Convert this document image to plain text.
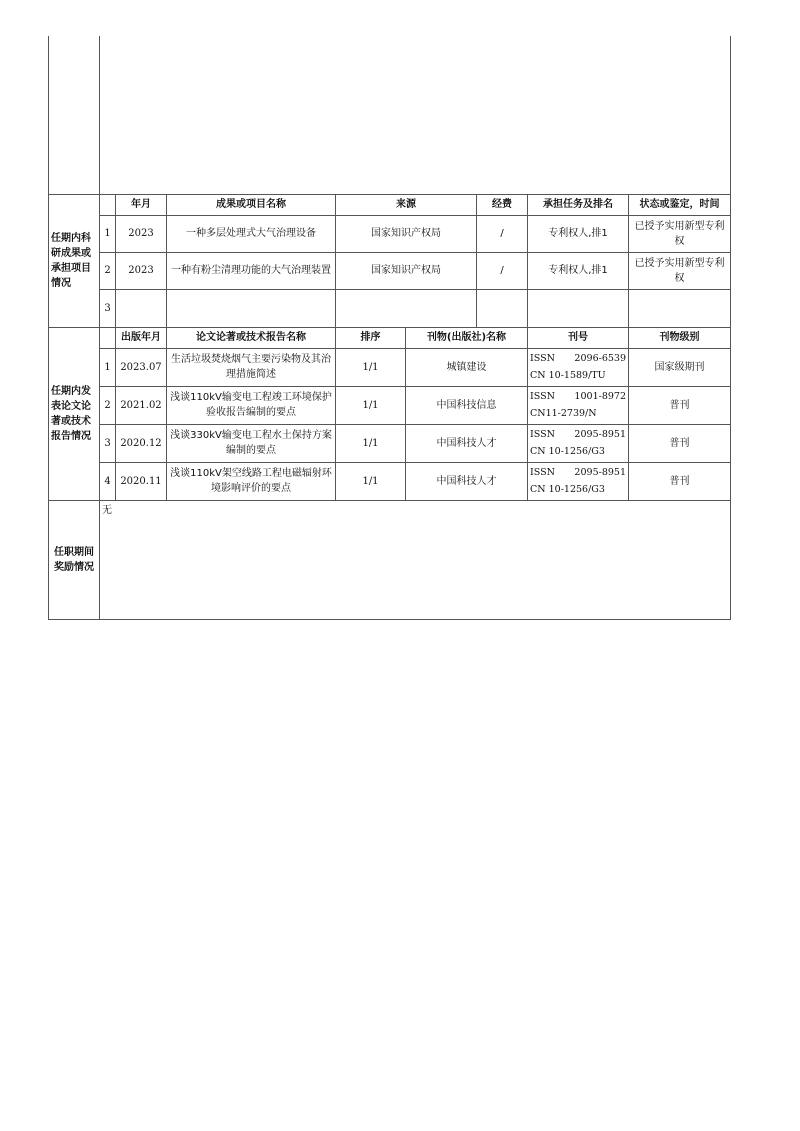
任期内科研成果或承担项目情况		年月	成果或项目名称	来源		经费	承担任务及排名	状态或鉴定，时间
	1	2023	一种多层处理式大气治理设备	国家知识产权局		/	专利权人,排1	已授予实用新型专利权
	2	2023	一种有粉尘清理功能的大气治理装置	国家知识产权局		/	专利权人,排1	已授予实用新型专利权
	3							
任期内发表论文论著或技术报告情况		出版年月	论文论著或技术报告名称	排序	刊物(出版社)名称		刊号	刊物级别
	1	2023.07	生活垃圾焚烧烟气主要污染物及其治理措施简述	1/1	城镇建设		ISSN 2096-6539 CN 10-1589/TU	国家级期刊
	2	2021.02	浅谈110kV输变电工程竣工环境保护验收报告编制的要点	1/1	中国科技信息		ISSN 1001-8972 CN11-2739/N	普刊
	3	2020.12	浅谈330kV输变电工程水土保持方案编制的要点	1/1	中国科技人才		ISSN 2095-8951 CN 10-1256/G3	普刊
	4	2020.11	浅谈110kV架空线路工程电磁辐射环境影响评价的要点	1/1	中国科技人才		ISSN 2095-8951 CN 10-1256/G3	普刊
任职期间奖励情况	无							
